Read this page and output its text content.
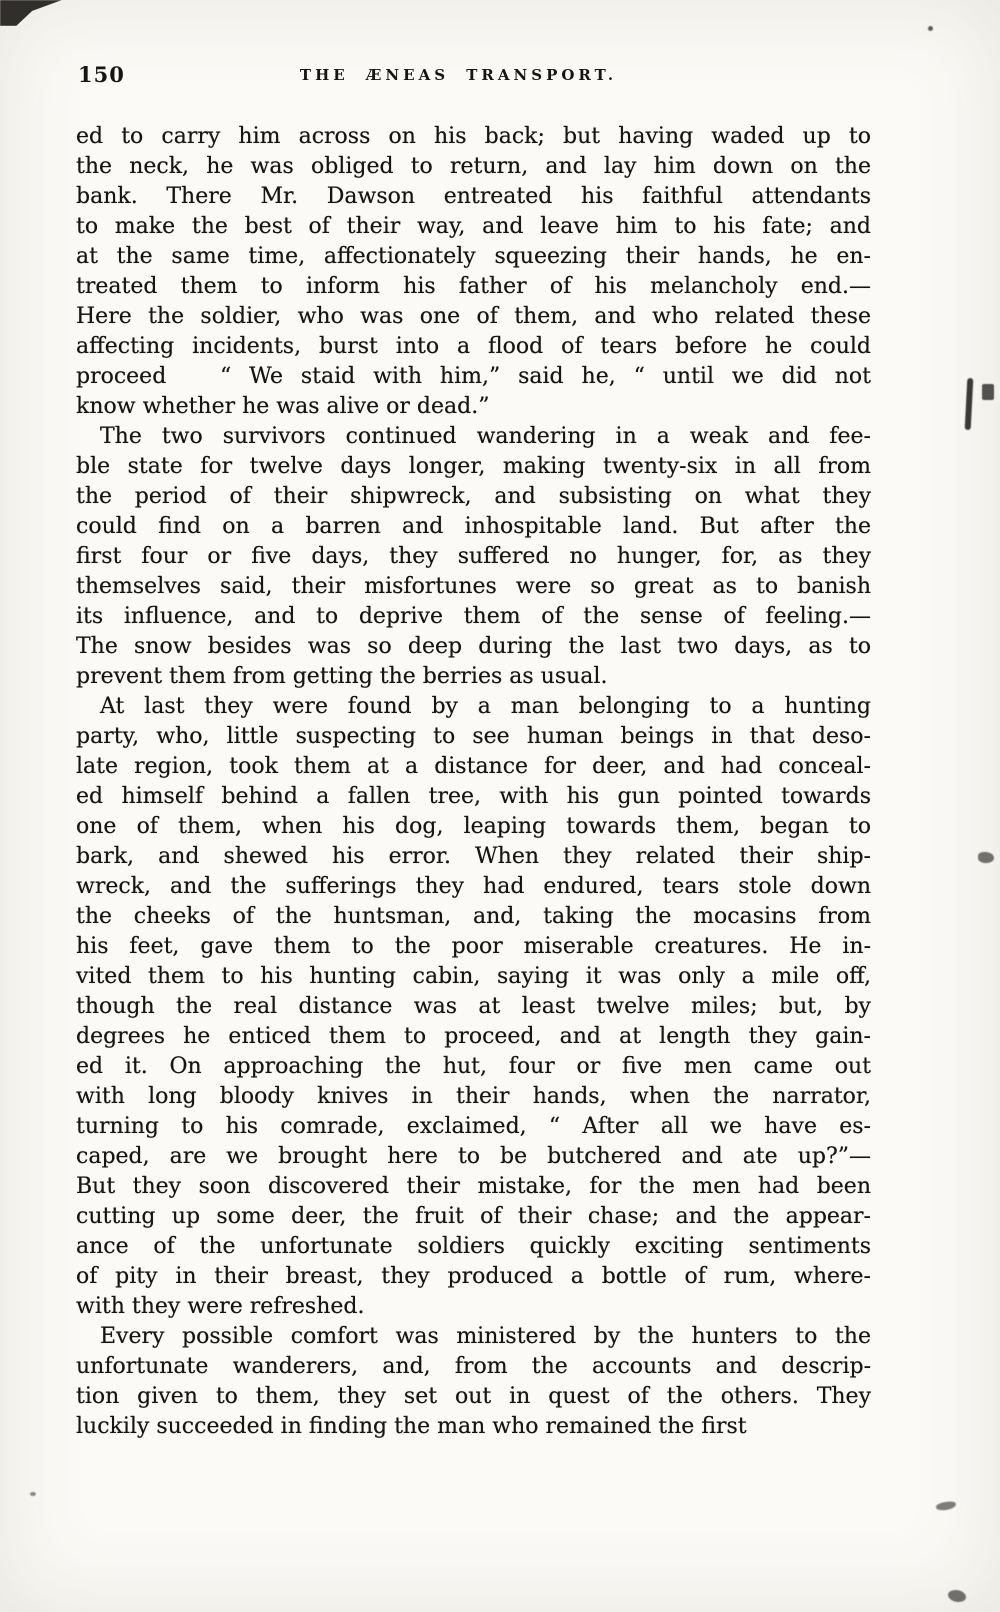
150	THE ÆNEAS TRANSPORT.
ed to carry him across on his back; but having waded up to
the neck, he was obliged to return, and lay him down on the
bank. There Mr. Dawson entreated his faithful attendants
to make the best of their way, and leave him to his fate; and
at the same time, affectionately squeezing their hands, he en-
treated them to inform his father of his melancholy end.—
Here the soldier, who was one of them, and who related these
affecting incidents, burst into a flood of tears before he could
proceed   “ We staid with him,” said he, “ until we did not
know whether he was alive or dead.”
The two survivors continued wandering in a weak and fee-
ble state for twelve days longer, making twenty-six in all from
the period of their shipwreck, and subsisting on what they
could find on a barren and inhospitable land. But after the
first four or five days, they suffered no hunger, for, as they
themselves said, their misfortunes were so great as to banish
its influence, and to deprive them of the sense of feeling.—
The snow besides was so deep during the last two days, as to
prevent them from getting the berries as usual.
At last they were found by a man belonging to a hunting
party, who, little suspecting to see human beings in that deso-
late region, took them at a distance for deer, and had conceal-
ed himself behind a fallen tree, with his gun pointed towards
one of them, when his dog, leaping towards them, began to
bark, and shewed his error. When they related their ship-
wreck, and the sufferings they had endured, tears stole down
the cheeks of the huntsman, and, taking the mocasins from
his feet, gave them to the poor miserable creatures. He in-
vited them to his hunting cabin, saying it was only a mile off,
though the real distance was at least twelve miles; but, by
degrees he enticed them to proceed, and at length they gain-
ed it. On approaching the hut, four or five men came out
with long bloody knives in their hands, when the narrator,
turning to his comrade, exclaimed, “ After all we have es-
caped, are we brought here to be butchered and ate up?”—
But they soon discovered their mistake, for the men had been
cutting up some deer, the fruit of their chase; and the appear-
ance of the unfortunate soldiers quickly exciting sentiments
of pity in their breast, they produced a bottle of rum, where-
with they were refreshed.
Every possible comfort was ministered by the hunters to the
unfortunate wanderers, and, from the accounts and descrip-
tion given to them, they set out in quest of the others. They
luckily succeeded in finding the man who remained the first
